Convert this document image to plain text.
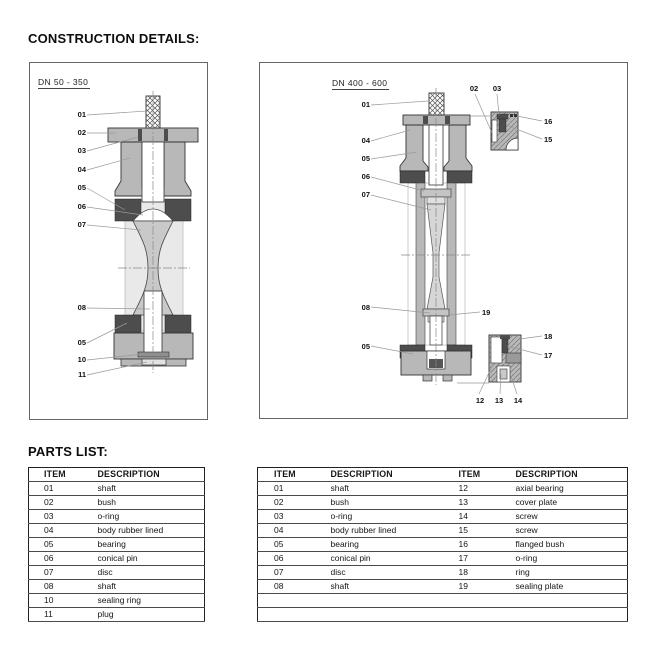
CONSTRUCTION DETAILS:
DN 50 - 350
01
02
03
04
05
06
07
08
05
10
11
DN 400 - 600
01
04
05
06
07
02	03
16
15
08
19
05
18
17
12	13	14
PARTS LIST:
ITEM	DESCRIPTION
01	shaft
02	bush
03	o-ring
04	body rubber lined
05	bearing
06	conical pin
07	disc
08	shaft
10	sealing ring
11	plug
ITEM	DESCRIPTION	ITEM	DESCRIPTION
01	shaft	12	axial bearing
02	bush	13	cover plate
03	o-ring	14	screw
04	body rubber lined	15	screw
05	bearing	16	flanged bush
06	conical pin	17	o-ring
07	disc	18	ring
08	shaft	19	sealing plate
